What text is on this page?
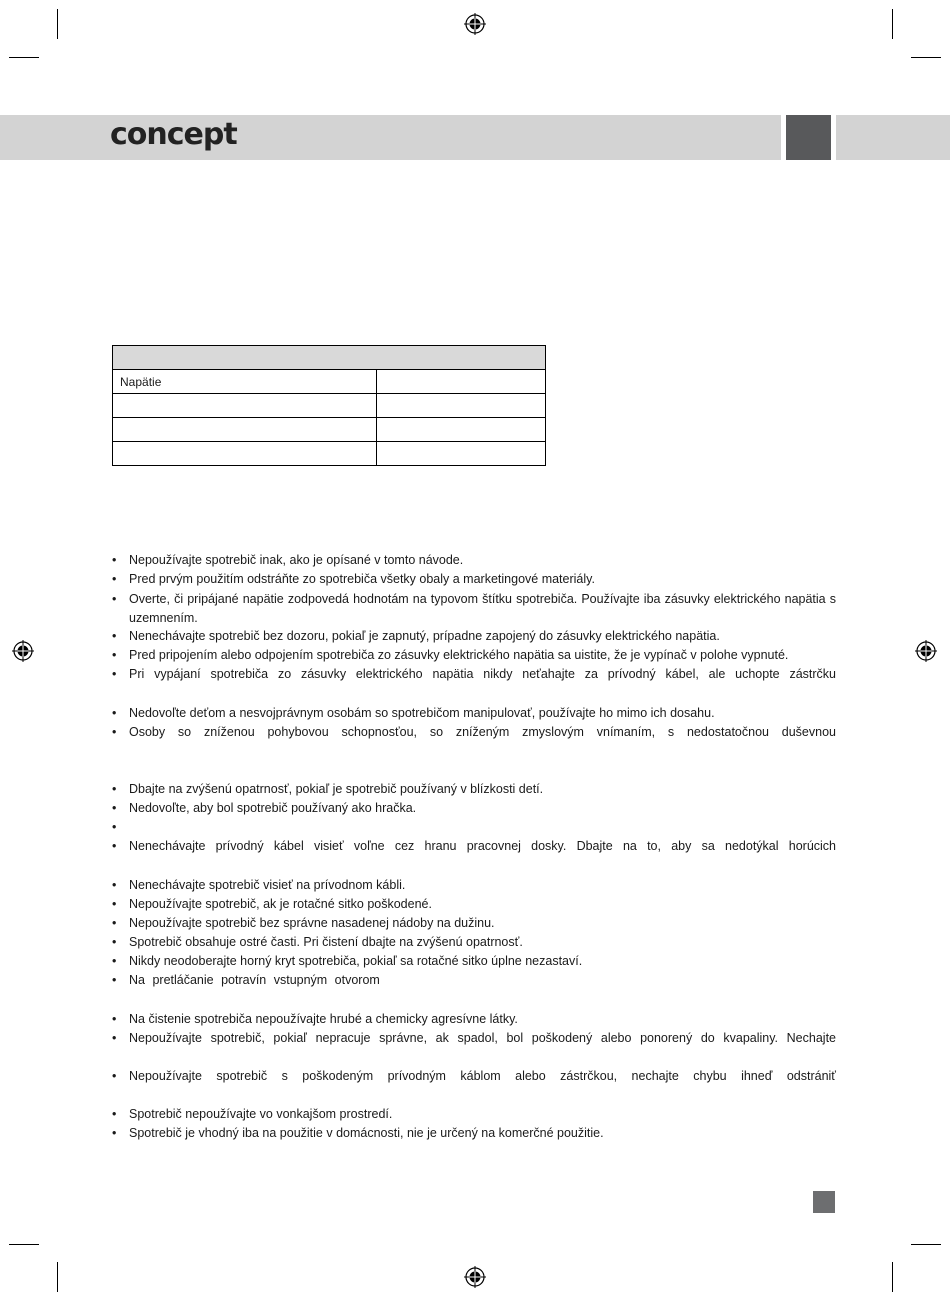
concept

Napätie	

•	Nepoužívajte spotrebič inak, ako je opísané v tomto návode.
•	Pred prvým použitím odstráňte zo spotrebiča všetky obaly a marketingové materiály.
•	Overte, či pripájané napätie zodpovedá hodnotám na typovom štítku spotrebiča. Používajte iba zásuvky elektrického napätia s uzemnením.
•	Nenechávajte spotrebič bez dozoru, pokiaľ je zapnutý, prípadne zapojený do zásuvky elektrického napätia.
•	Pred pripojením alebo odpojením spotrebiča zo zásuvky elektrického napätia sa uistite, že je vypínač v polohe vypnuté.
•	Pri vypájaní spotrebiča zo zásuvky elektrického napätia nikdy neťahajte za prívodný kábel, ale uchopte zástrčku
•	Nedovoľte deťom a nesvojprávnym osobám so spotrebičom manipulovať, používajte ho mimo ich dosahu.
•	Osoby so zníženou pohybovou schopnosťou, so zníženým zmyslovým vnímaním, s nedostatočnou duševnou
•	Dbajte na zvýšenú opatrnosť, pokiaľ je spotrebič používaný v blízkosti detí.
•	Nedovoľte, aby bol spotrebič používaný ako hračka.
•
•	Nenechávajte prívodný kábel visieť voľne cez hranu pracovnej dosky. Dbajte na to, aby sa nedotýkal horúcich
•	Nenechávajte spotrebič visieť na prívodnom kábli.
•	Nepoužívajte spotrebič, ak je rotačné sitko poškodené.
•	Nepoužívajte spotrebič bez správne nasadenej nádoby na dužinu.
•	Spotrebič obsahuje ostré časti. Pri čistení dbajte na zvýšenú opatrnosť.
•	Nikdy neodoberajte horný kryt spotrebiča, pokiaľ sa rotačné sitko úplne nezastaví.
•	Na pretláčanie potravín vstupným otvorom
•	Na čistenie spotrebiča nepoužívajte hrubé a chemicky agresívne látky.
•	Nepoužívajte spotrebič, pokiaľ nepracuje správne, ak spadol, bol poškodený alebo ponorený do kvapaliny. Nechajte
•	Nepoužívajte spotrebič s poškodeným prívodným káblom alebo zástrčkou, nechajte chybu ihneď odstrániť
•	Spotrebič nepoužívajte vo vonkajšom prostredí.
•	Spotrebič je vhodný iba na použitie v domácnosti, nie je určený na komerčné použitie.
